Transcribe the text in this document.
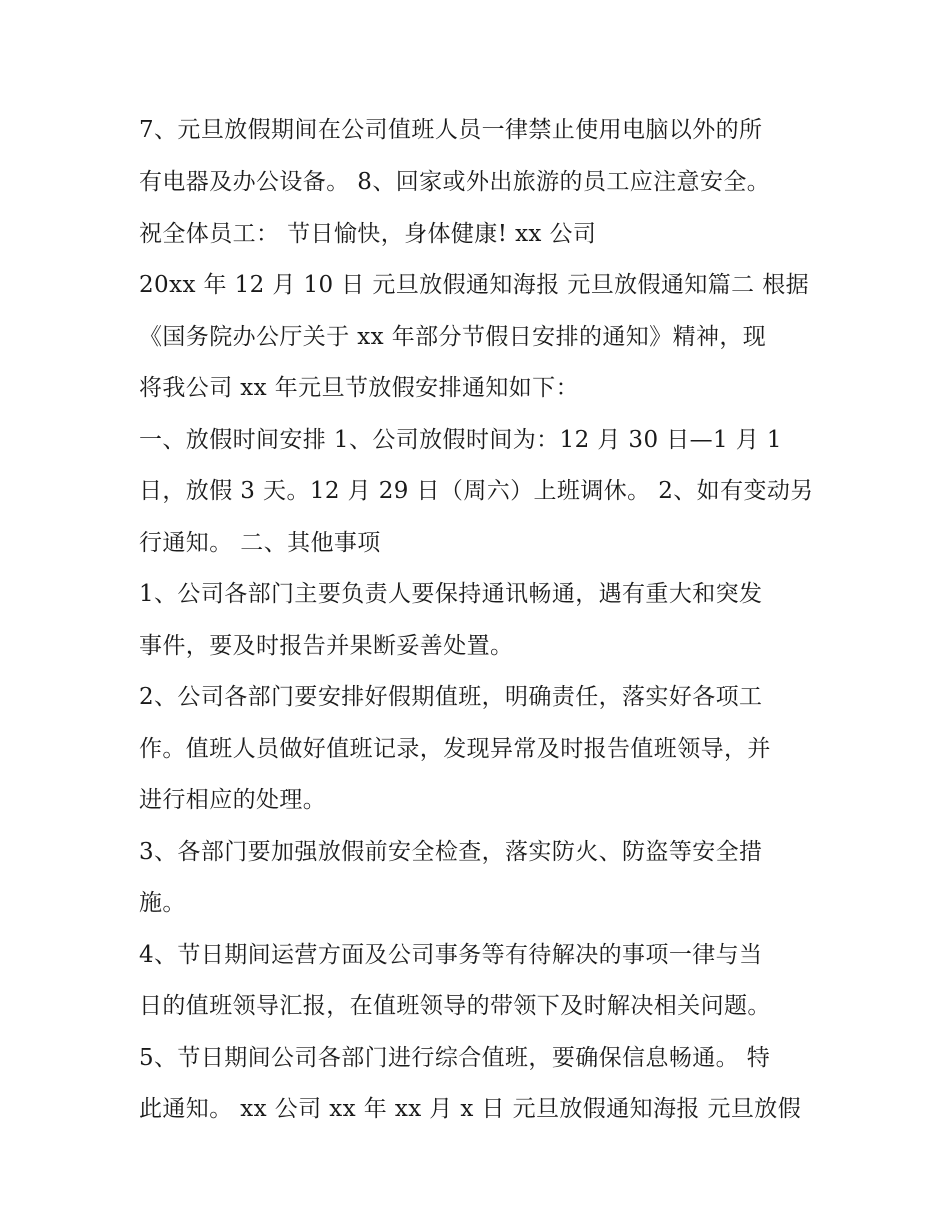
7、元旦放假期间在公司值班人员一律禁止使用电脑以外的所

有电器及办公设备。 8、回家或外出旅游的员工应注意安全。

祝全体员工： 节日愉快，身体健康! xx 公司

20xx 年 12 月 10 日 元旦放假通知海报 元旦放假通知篇二 根据

《国务院办公厅关于 xx 年部分节假日安排的通知》精神，现

将我公司 xx 年元旦节放假安排通知如下：

一、放假时间安排 1、公司放假时间为：12 月 30 日—1 月 1

日，放假 3 天。12 月 29 日（周六）上班调休。 2、如有变动另

行通知。 二、其他事项

1、公司各部门主要负责人要保持通讯畅通，遇有重大和突发

事件，要及时报告并果断妥善处置。

2、公司各部门要安排好假期值班，明确责任，落实好各项工

作。值班人员做好值班记录，发现异常及时报告值班领导，并

进行相应的处理。

3、各部门要加强放假前安全检查，落实防火、防盗等安全措

施。

4、节日期间运营方面及公司事务等有待解决的事项一律与当

日的值班领导汇报，在值班领导的带领下及时解决相关问题。

5、节日期间公司各部门进行综合值班，要确保信息畅通。 特

此通知。 xx 公司 xx 年 xx 月 x 日 元旦放假通知海报 元旦放假
